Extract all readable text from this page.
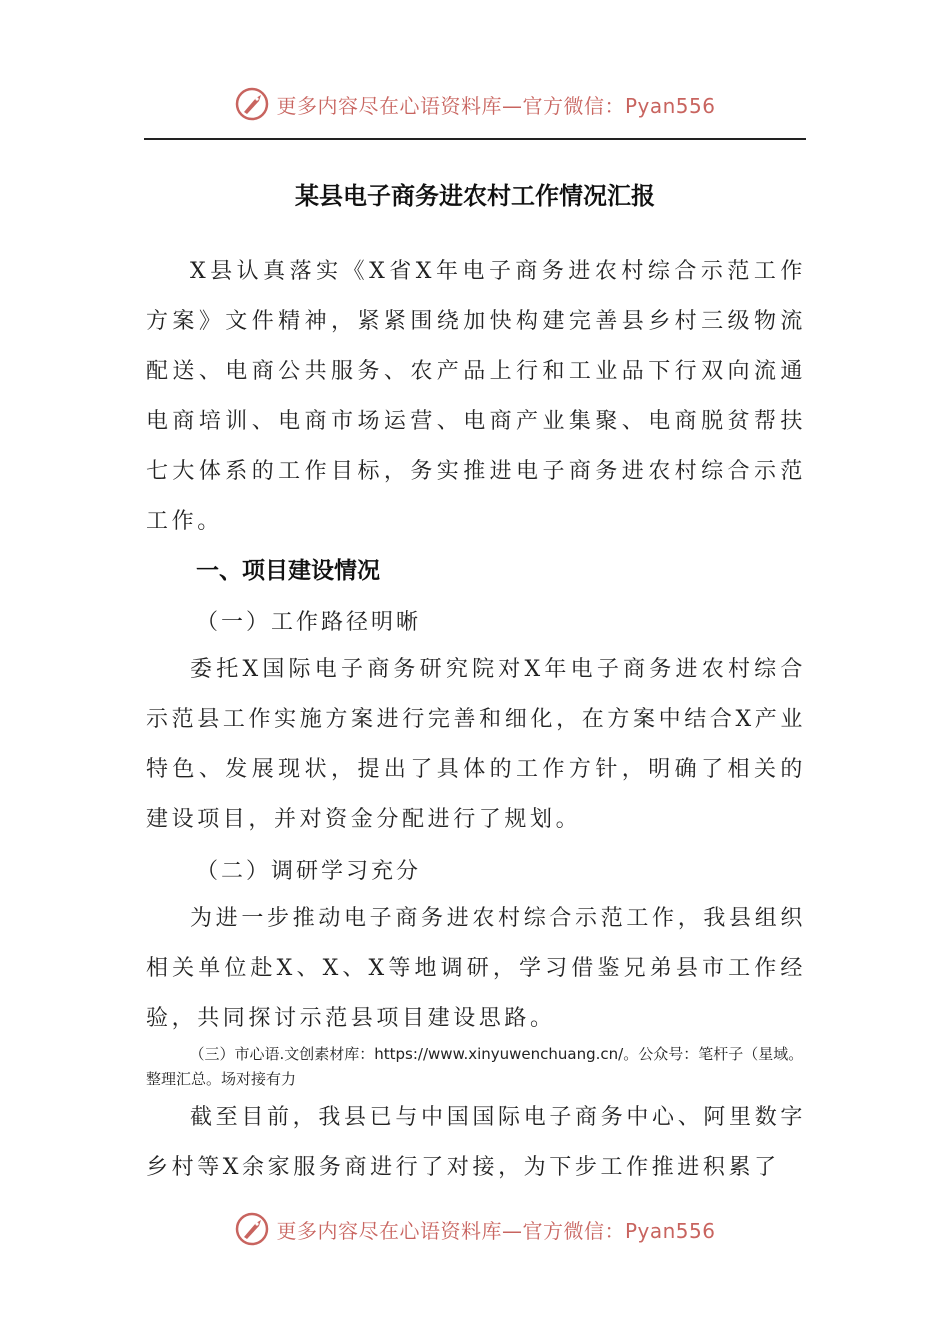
更多内容尽在心语资料库—官方微信：Pyan556
某县电子商务进农村工作情况汇报

X县认真落实《X省X年电子商务进农村综合示范工作方案》文件精神，紧紧围绕加快构建完善县乡村三级物流配送、电商公共服务、农产品上行和工业品下行双向流通电商培训、电商市场运营、电商产业集聚、电商脱贫帮扶七大体系的工作目标，务实推进电子商务进农村综合示范工作。

一、项目建设情况
（一）工作路径明晰

委托X国际电子商务研究院对X年电子商务进农村综合示范县工作实施方案进行完善和细化，在方案中结合X产业特色、发展现状，提出了具体的工作方针，明确了相关的建设项目，并对资金分配进行了规划。

（二）调研学习充分

为进一步推动电子商务进农村综合示范工作，我县组织相关单位赴X、X、X等地调研，学习借鉴兄弟县市工作经验，共同探讨示范县项目建设思路。

（三）市心语.文创素材库：https://www.xinyuwenchuang.cn/。公众号：笔杆子（星域。整理汇总。场对接有力

截至目前，我县已与中国国际电子商务中心、阿里数字乡村等X余家服务商进行了对接，为下步工作推进积累了

更多内容尽在心语资料库—官方微信：Pyan556
